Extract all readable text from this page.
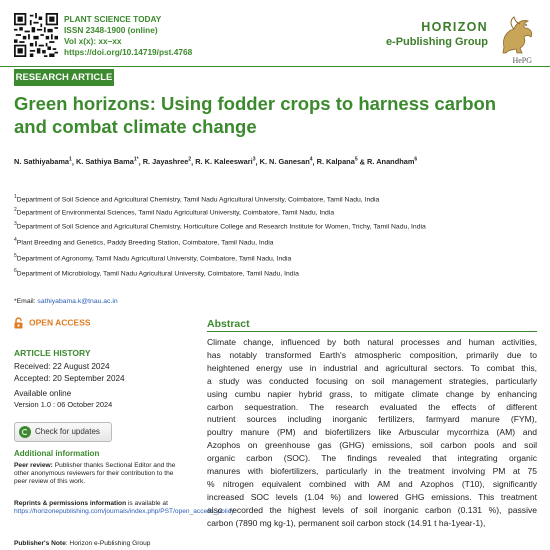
PLANT SCIENCE TODAY
ISSN 2348-1900 (online)
Vol x(x): xx–xx
https://doi.org/10.14719/pst.4768
HORIZON
e-Publishing Group
HePG
RESEARCH ARTICLE
Green horizons: Using fodder crops to harness carbon and combat climate change
N. Sathiyabama$^1$, K. Sathiya Bama$^{1*}$, R. Jayashree$^2$, R. K. Kaleeswari$^3$, K. N. Ganesan$^4$, R. Kalpana$^5$ & R. Anandham$^6$
$^1$Department of Soil Science and Agricultural Chemistry, Tamil Nadu Agricultural University, Coimbatore, Tamil Nadu, India
$^2$Department of Environmental Sciences, Tamil Nadu Agricultural University, Coimbatore, Tamil Nadu, India
$^3$Department of Soil Science and Agricultural Chemistry, Horticulture College and Research Institute for Women, Trichy, Tamil Nadu, India
$^4$Plant Breeding and Genetics, Paddy Breeding Station, Coimbatore, Tamil Nadu, India
$^5$Department of Agronomy, Tamil Nadu Agricultural University, Coimbatore, Tamil Nadu, India
$^6$Department of Microbiology, Tamil Nadu Agricultural University, Coimbatore, Tamil Nadu, India
*Email: sathiyabama.k@tnau.ac.in
OPEN ACCESS
ARTICLE HISTORY
Received: 22 August 2024
Accepted: 20 September 2024
Available online
Version 1.0 : 06 October 2024
Check for updates
Additional information
Peer review: Publisher thanks Sectional Editor and the other anonymous reviewers for their contribution to the peer review of this work.
Reprints & permissions information is available at https://horizonepublishing.com/journals/index.php/PST/open_access_policy
Publisher's Note: Horizon e-Publishing Group
Abstract
Climate change, influenced by both natural processes and human activities,
has notably transformed Earth's atmospheric composition, primarily due to
heightened energy use in industrial and agricultural sectors. To combat this,
a study was conducted focusing on soil management strategies, particularly
using cumbu napier hybrid grass, to mitigate climate change by enhancing
carbon sequestration. The research evaluated the effects of different
nutrient sources including inorganic fertilizers, farmyard manure (FYM),
poultry manure (PM) and biofertilizers like Arbuscular mycorrhiza (AM) and
Azophos on greenhouse gas (GHG) emissions, soil carbon pools and soil
organic carbon (SOC). The findings revealed that integrating organic
manures with biofertilizers, particularly in the treatment involving PM at 75
% nitrogen equivalent combined with AM and Azophos (T10), significantly
increased SOC levels (1.04 %) and lowered GHG emissions. This treatment
also recorded the highest levels of soil inorganic carbon (0.131 %), passive
carbon (7890 mg kg-1), permanent soil carbon stock (14.91 t ha-1year-1),
